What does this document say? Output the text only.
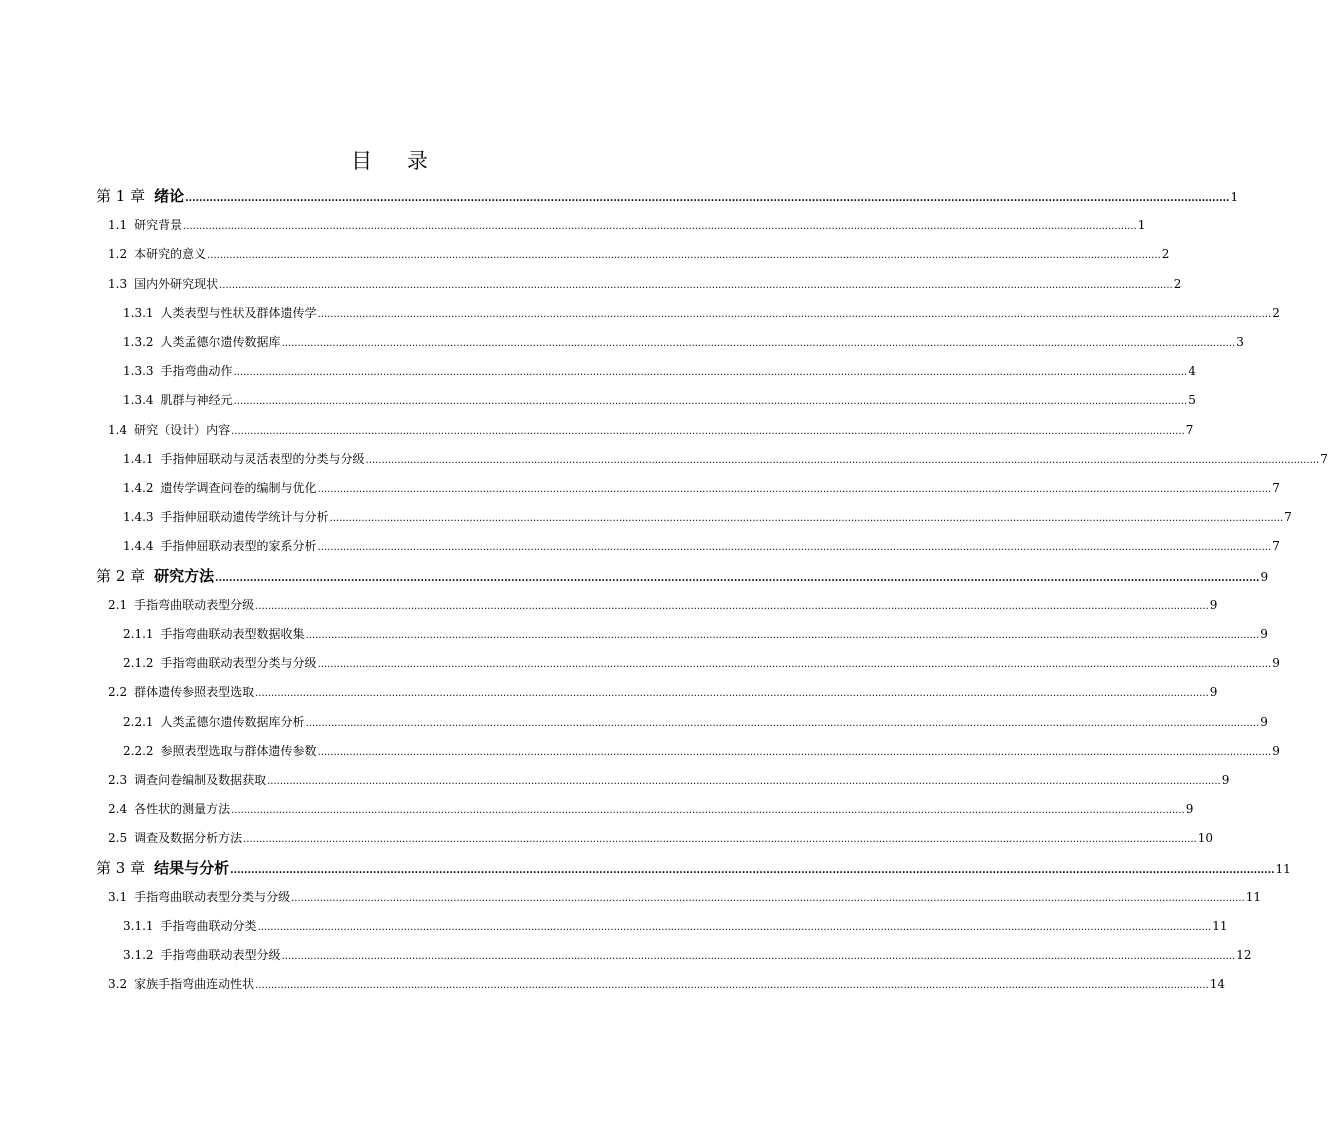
目 录
第 1 章 绪论 ............................................................................................................................................................................................................................................................................................................ 1
1.1 研究背景 ............................................................................................................................................................................................................................................................................................................ 1
1.2 本研究的意义 ............................................................................................................................................................................................................................................................................................................ 2
1.3 国内外研究现状 ............................................................................................................................................................................................................................................................................................................ 2
1.3.1 人类表型与性状及群体遗传学 ............................................................................................................................................................................................................................................................................................................ 2
1.3.2 人类孟德尔遗传数据库 ............................................................................................................................................................................................................................................................................................................ 3
1.3.3 手指弯曲动作 ............................................................................................................................................................................................................................................................................................................ 4
1.3.4 肌群与神经元 ............................................................................................................................................................................................................................................................................................................ 5
1.4 研究（设计）内容 ............................................................................................................................................................................................................................................................................................................ 7
1.4.1 手指伸屈联动与灵活表型的分类与分级 ............................................................................................................................................................................................................................................................................................................ 7
1.4.2 遗传学调查问卷的编制与优化 ............................................................................................................................................................................................................................................................................................................ 7
1.4.3 手指伸屈联动遗传学统计与分析 ............................................................................................................................................................................................................................................................................................................ 7
1.4.4 手指伸屈联动表型的家系分析 ............................................................................................................................................................................................................................................................................................................ 7
第 2 章 研究方法 ............................................................................................................................................................................................................................................................................................................ 9
2.1 手指弯曲联动表型分级 ............................................................................................................................................................................................................................................................................................................ 9
2.1.1 手指弯曲联动表型数据收集 ............................................................................................................................................................................................................................................................................................................ 9
2.1.2 手指弯曲联动表型分类与分级 ............................................................................................................................................................................................................................................................................................................ 9
2.2 群体遗传参照表型选取 ............................................................................................................................................................................................................................................................................................................ 9
2.2.1 人类孟德尔遗传数据库分析 ............................................................................................................................................................................................................................................................................................................ 9
2.2.2 参照表型选取与群体遗传参数 ............................................................................................................................................................................................................................................................................................................ 9
2.3 调查问卷编制及数据获取 ............................................................................................................................................................................................................................................................................................................ 9
2.4 各性状的测量方法 ............................................................................................................................................................................................................................................................................................................ 9
2.5 调查及数据分析方法 ............................................................................................................................................................................................................................................................................................................ 10
第 3 章 结果与分析 ............................................................................................................................................................................................................................................................................................................ 11
3.1 手指弯曲联动表型分类与分级 ............................................................................................................................................................................................................................................................................................................ 11
3.1.1 手指弯曲联动分类 ............................................................................................................................................................................................................................................................................................................ 11
3.1.2 手指弯曲联动表型分级 ............................................................................................................................................................................................................................................................................................................ 12
3.2 家族手指弯曲连动性状 ............................................................................................................................................................................................................................................................................................................ 14
